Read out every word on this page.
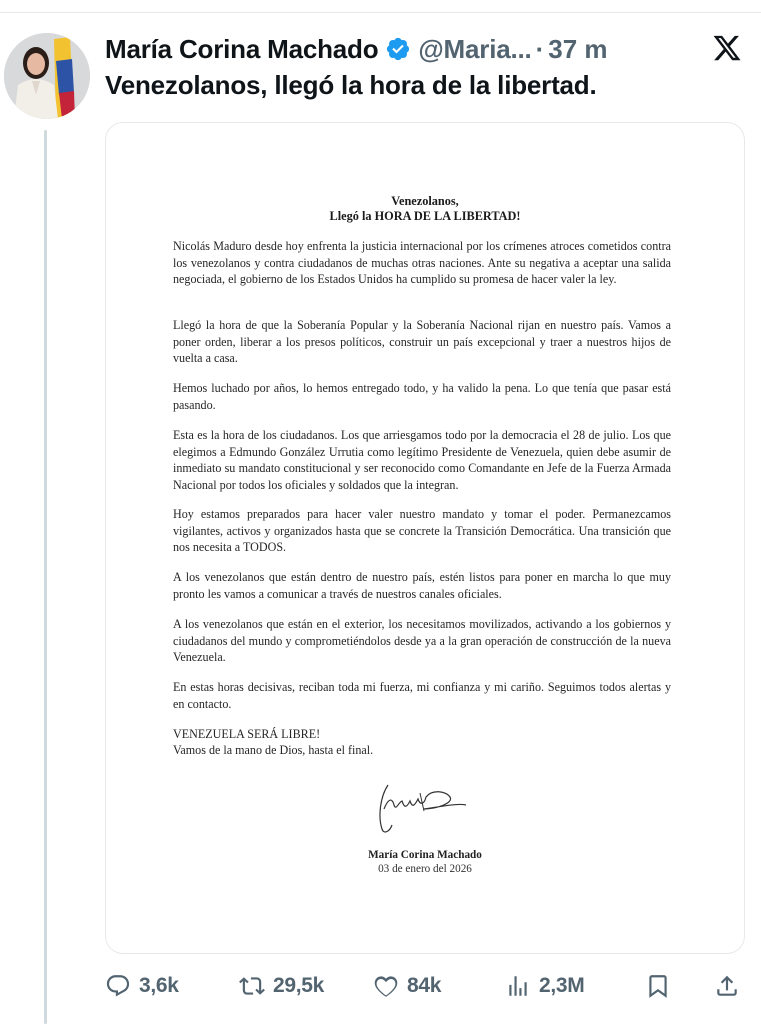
María Corina Machado @Maria... · 37 m
Venezolanos, llegó la hora de la libertad.
Venezolanos,
Llegó la HORA DE LA LIBERTAD!

Nicolás Maduro desde hoy enfrenta la justicia internacional por los crímenes atroces cometidos contra los venezolanos y contra ciudadanos de muchas otras naciones. Ante su negativa a aceptar una salida negociada, el gobierno de los Estados Unidos ha cumplido su promesa de hacer valer la ley.

Llegó la hora de que la Soberanía Popular y la Soberanía Nacional rijan en nuestro país. Vamos a poner orden, liberar a los presos políticos, construir un país excepcional y traer a nuestros hijos de vuelta a casa.

Hemos luchado por años, lo hemos entregado todo, y ha valido la pena. Lo que tenía que pasar está pasando.

Esta es la hora de los ciudadanos. Los que arriesgamos todo por la democracia el 28 de julio. Los que elegimos a Edmundo González Urrutia como legítimo Presidente de Venezuela, quien debe asumir de inmediato su mandato constitucional y ser reconocido como Comandante en Jefe de la Fuerza Armada Nacional por todos los oficiales y soldados que la integran.

Hoy estamos preparados para hacer valer nuestro mandato y tomar el poder. Permanezcamos vigilantes, activos y organizados hasta que se concrete la Transición Democrática. Una transición que nos necesita a TODOS.

A los venezolanos que están dentro de nuestro país, estén listos para poner en marcha lo que muy pronto les vamos a comunicar a través de nuestros canales oficiales.

A los venezolanos que están en el exterior, los necesitamos movilizados, activando a los gobiernos y ciudadanos del mundo y comprometiéndolos desde ya a la gran operación de construcción de la nueva Venezuela.

En estas horas decisivas, reciban toda mi fuerza, mi confianza y mi cariño. Seguimos todos alertas y en contacto.

VENEZUELA SERÁ LIBRE!
Vamos de la mano de Dios, hasta el final.
María Corina Machado
03 de enero del 2026
3,6k	29,5k	84k	2,3M
